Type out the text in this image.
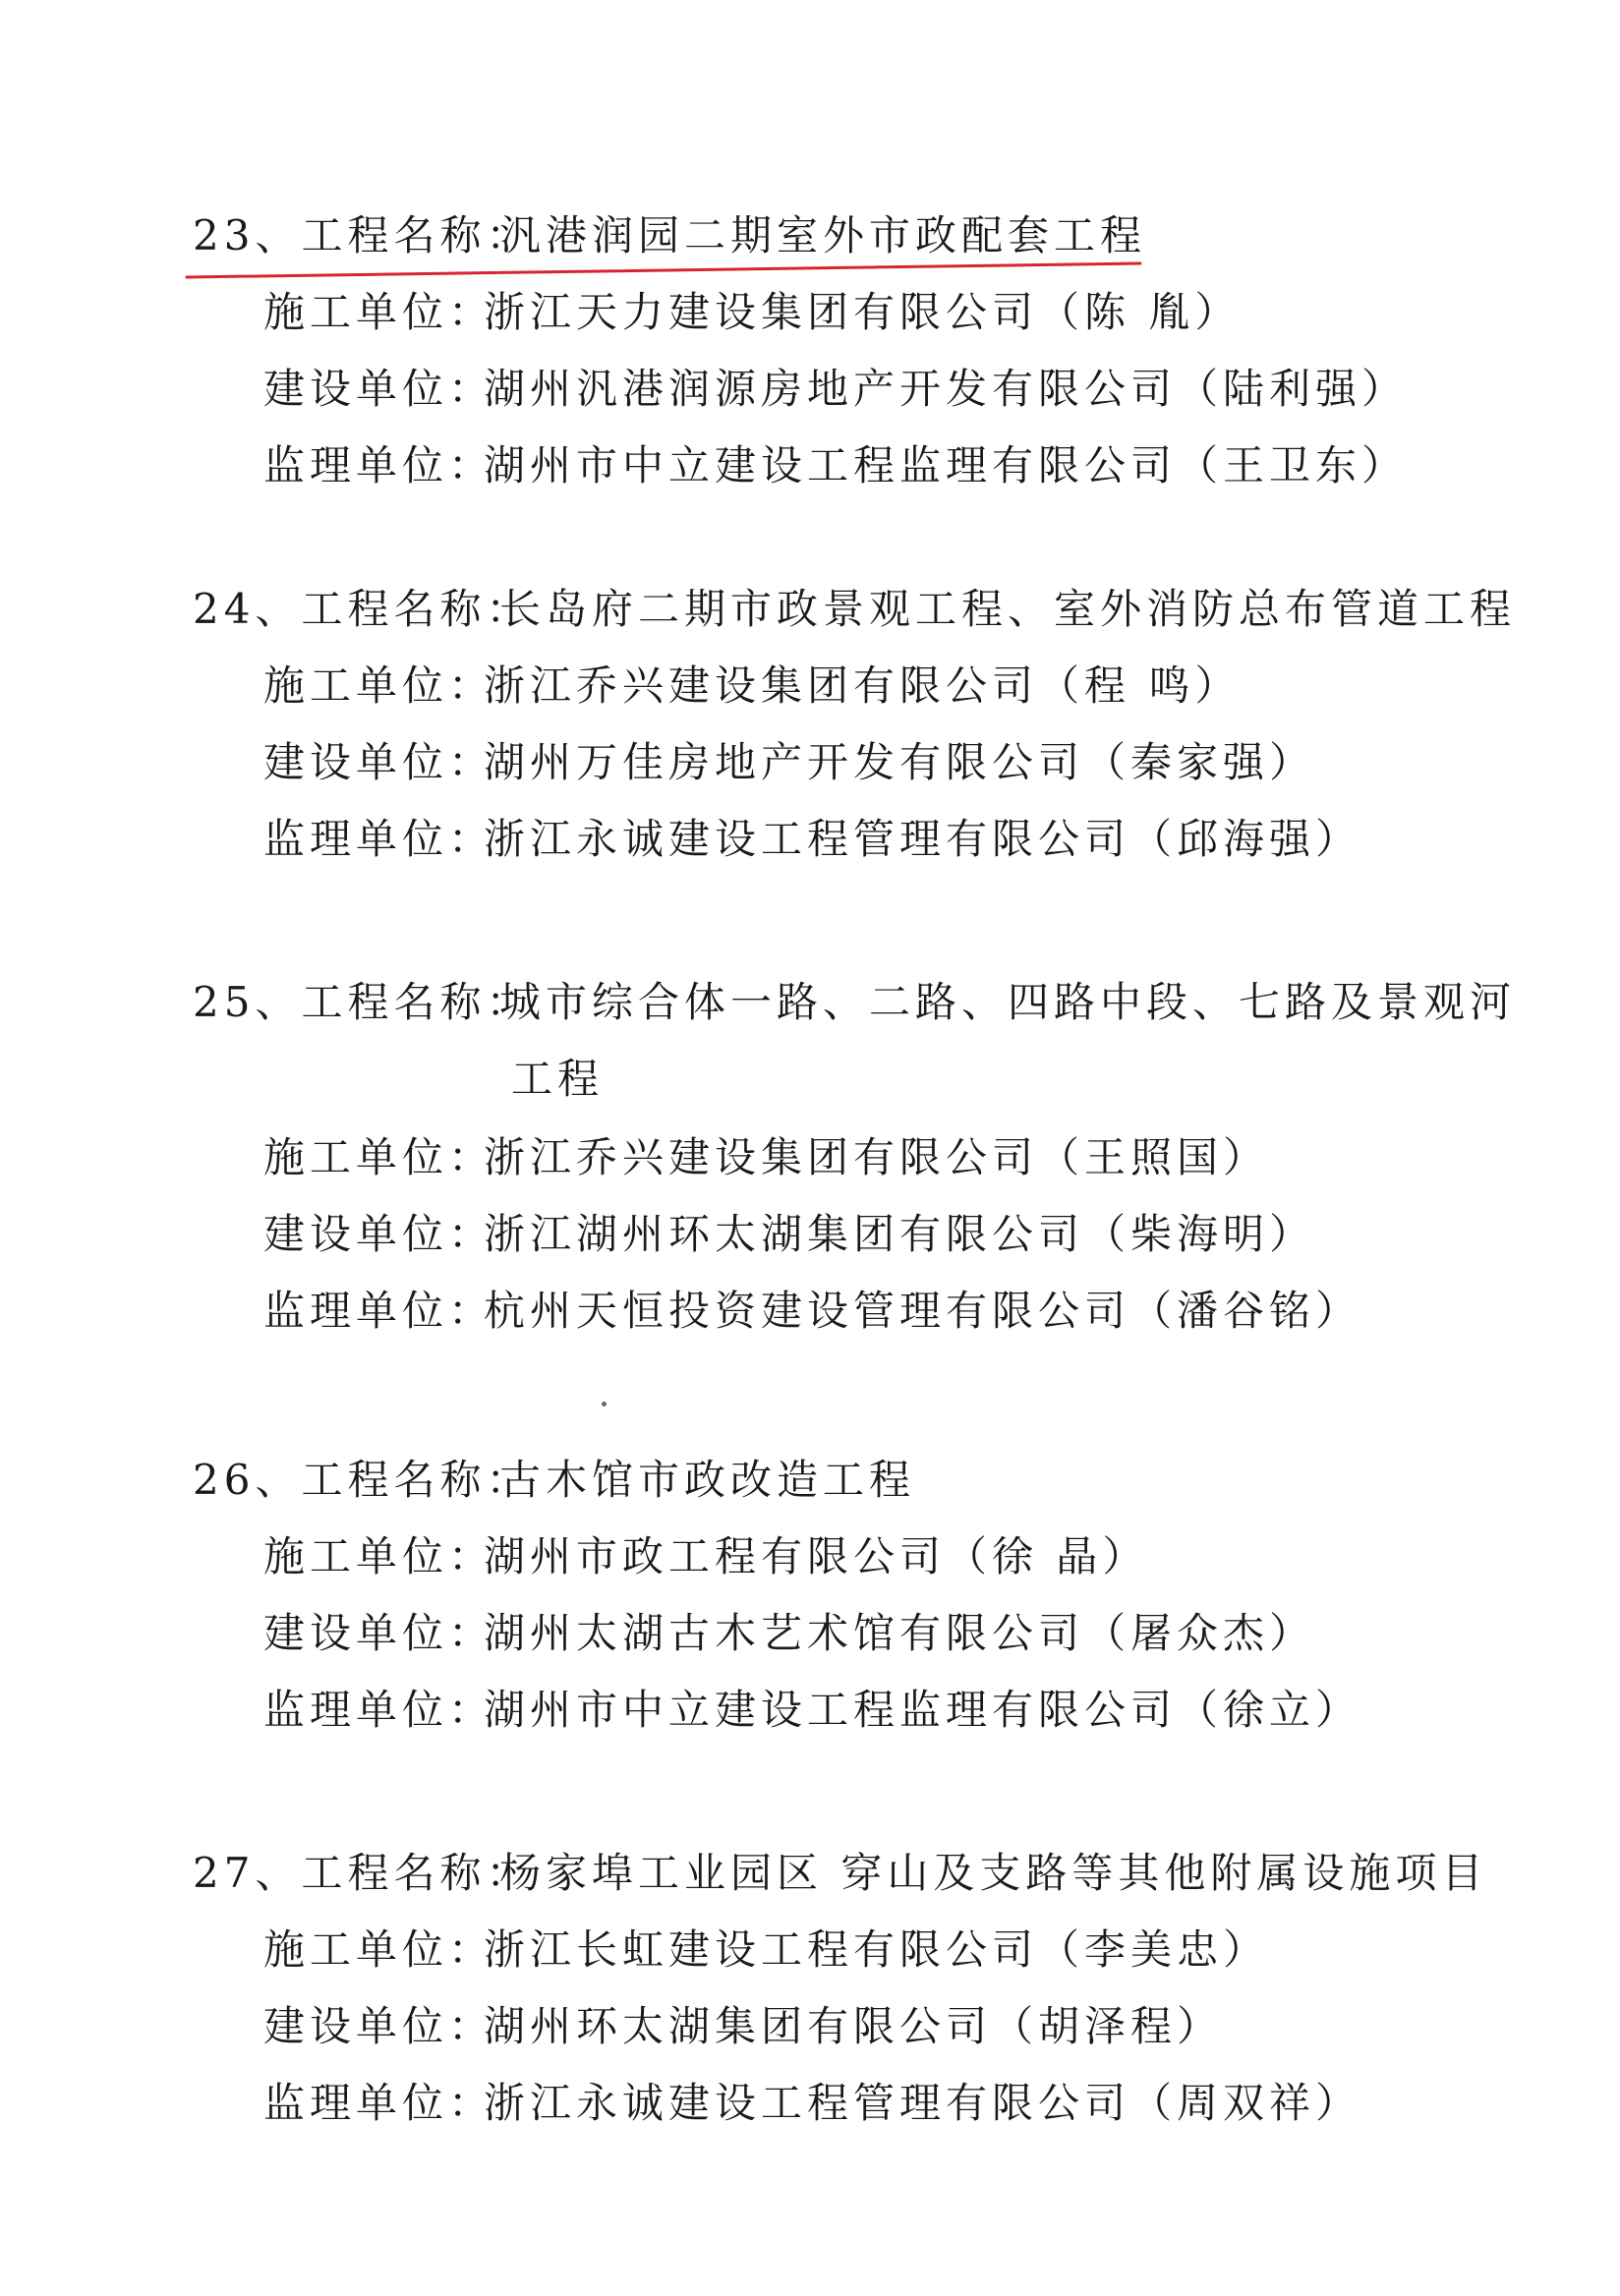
23、工程名称：
汎港润园二期室外市政配套工程
施工单位：
浙江天力建设集团有限公司（陈 胤）
建设单位：
湖州汎港润源房地产开发有限公司（陆利强）
监理单位：
湖州市中立建设工程监理有限公司（王卫东）
24、工程名称：
长岛府二期市政景观工程、室外消防总布管道工程
施工单位：
浙江乔兴建设集团有限公司（程 鸣）
建设单位：
湖州万佳房地产开发有限公司（秦家强）
监理单位：
浙江永诚建设工程管理有限公司（邱海强）
25、工程名称：
城市综合体一路、二路、四路中段、七路及景观河
工程
施工单位：
浙江乔兴建设集团有限公司（王照国）
建设单位：
浙江湖州环太湖集团有限公司（柴海明）
监理单位：
杭州天恒投资建设管理有限公司（潘谷铭）
26、工程名称：
古木馆市政改造工程
施工单位：
湖州市政工程有限公司（徐 晶）
建设单位：
湖州太湖古木艺术馆有限公司（屠众杰）
监理单位：
湖州市中立建设工程监理有限公司（徐立）
27、工程名称：
杨家埠工业园区 穿山及支路等其他附属设施项目
施工单位：
浙江长虹建设工程有限公司（李美忠）
建设单位：
湖州环太湖集团有限公司（胡泽程）
监理单位：
浙江永诚建设工程管理有限公司（周双祥）
